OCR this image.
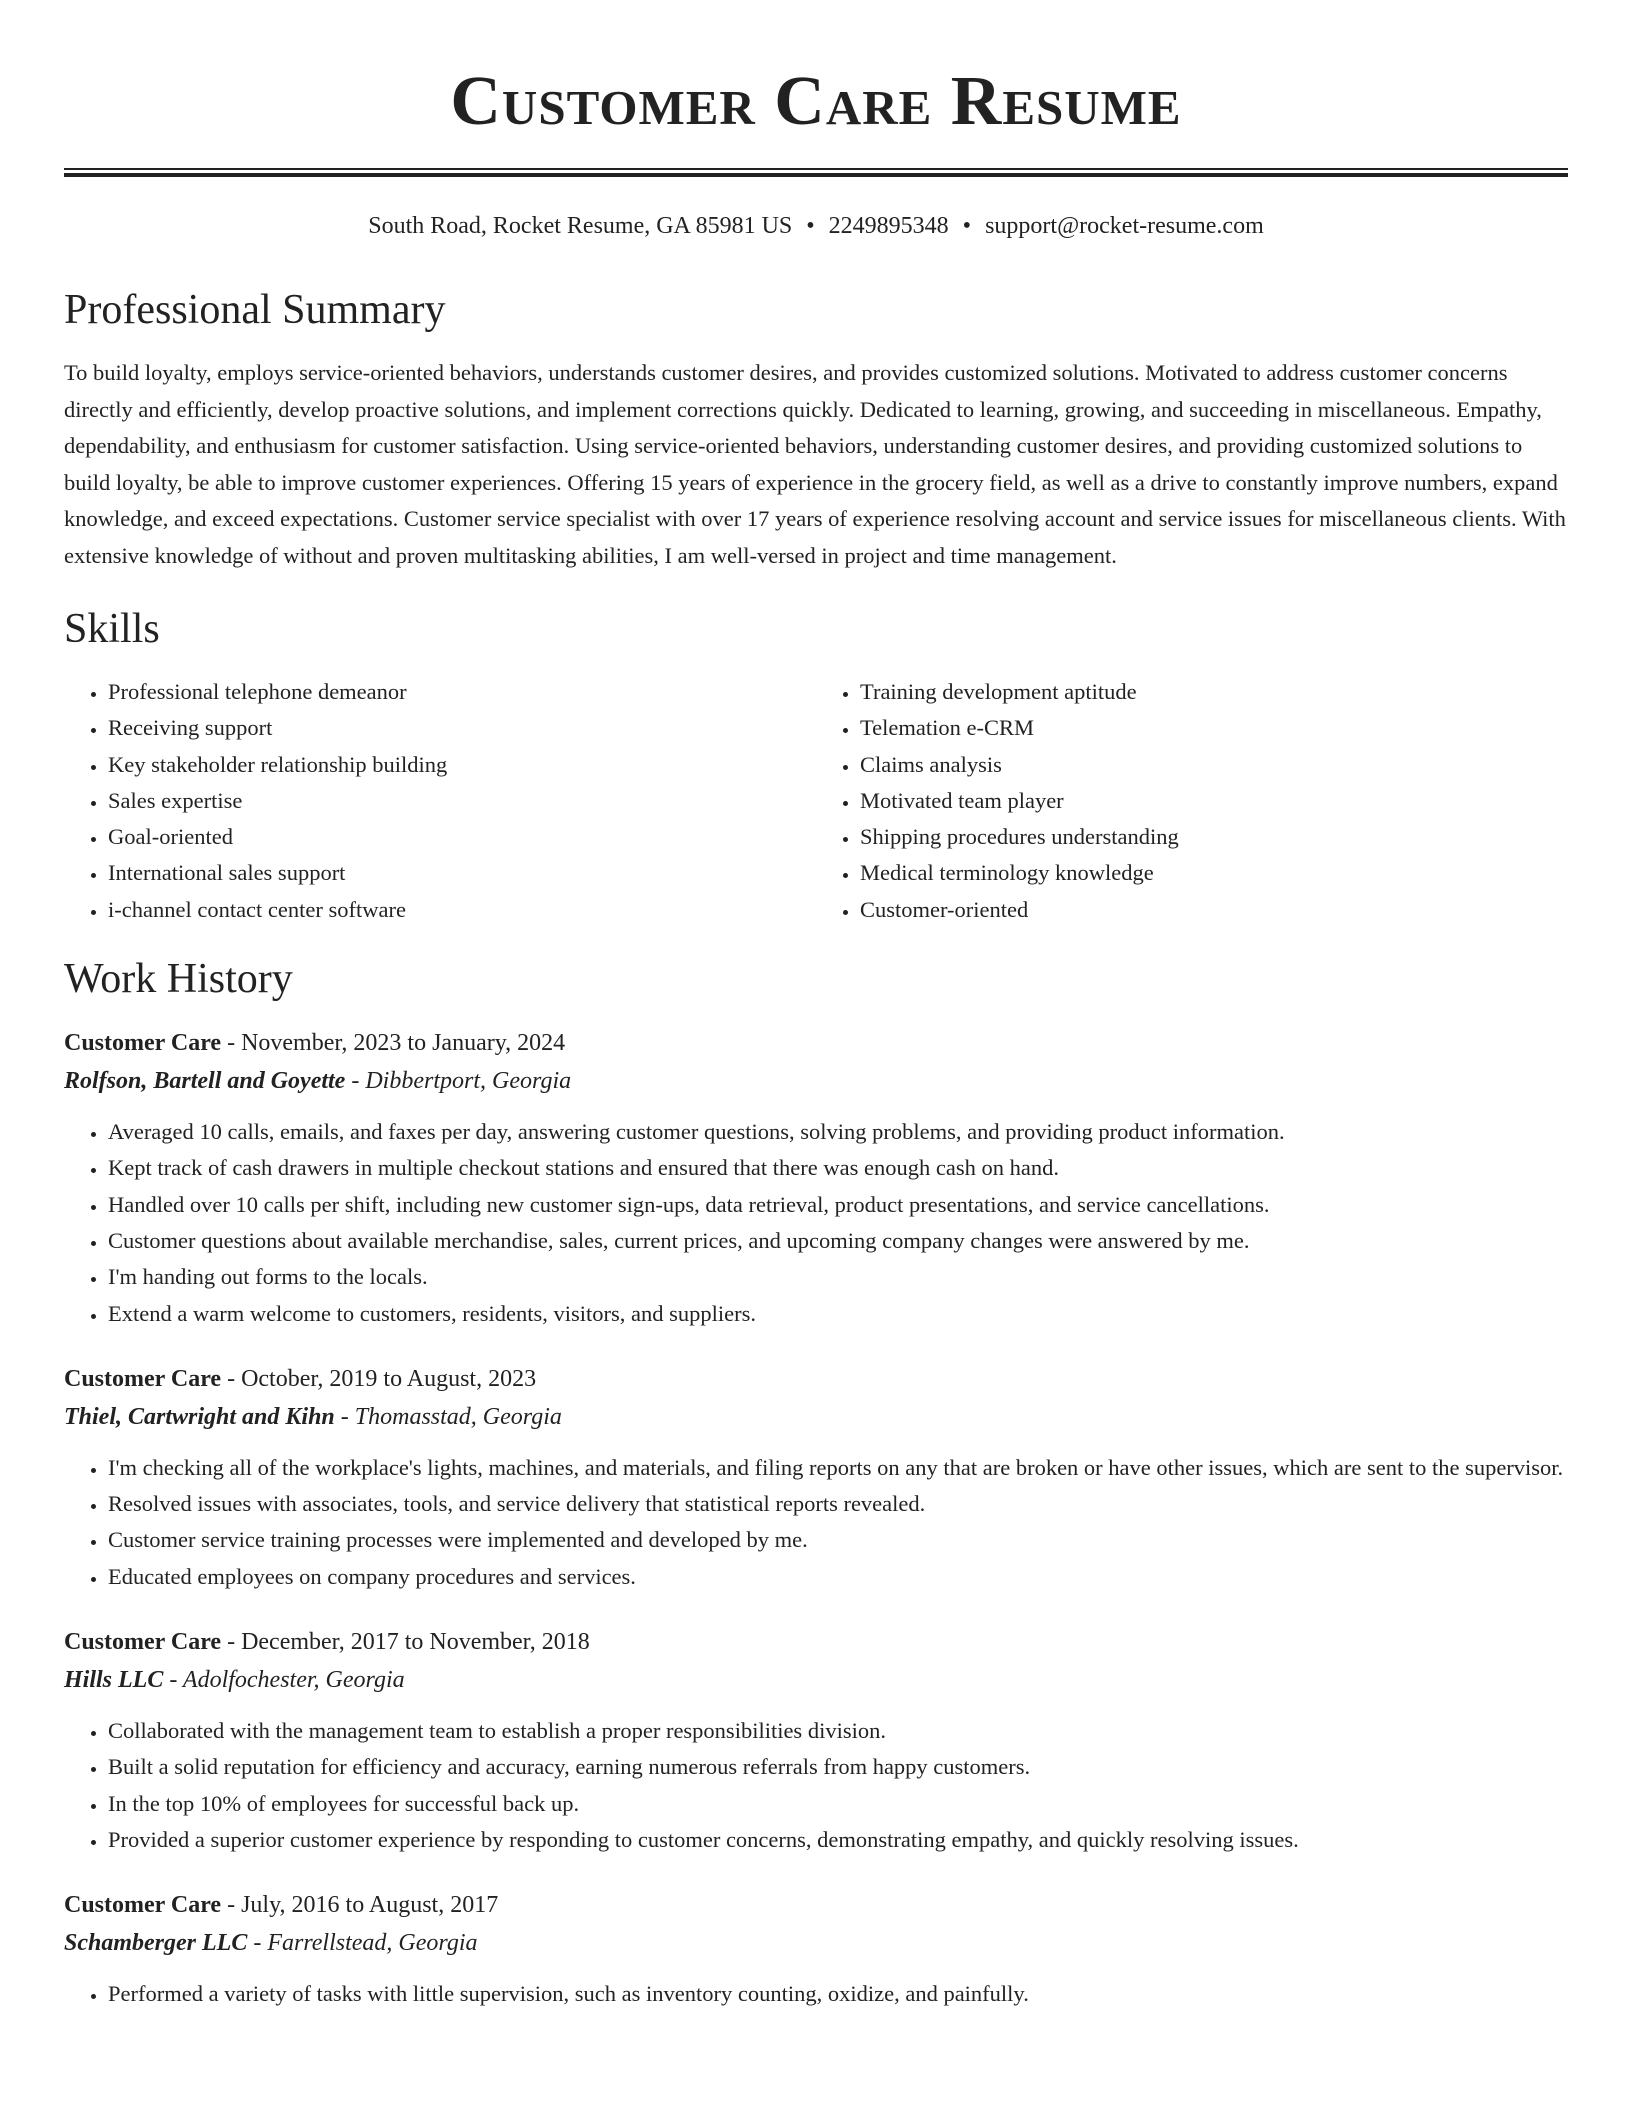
Customer Care Resume
South Road, Rocket Resume, GA 85981 US • 2249895348 • support@rocket-resume.com
Professional Summary

To build loyalty, employs service-oriented behaviors, understands customer desires, and provides customized solutions. Motivated to address customer concerns directly and efficiently, develop proactive solutions, and implement corrections quickly. Dedicated to learning, growing, and succeeding in miscellaneous. Empathy, dependability, and enthusiasm for customer satisfaction. Using service-oriented behaviors, understanding customer desires, and providing customized solutions to build loyalty, be able to improve customer experiences. Offering 15 years of experience in the grocery field, as well as a drive to constantly improve numbers, expand knowledge, and exceed expectations. Customer service specialist with over 17 years of experience resolving account and service issues for miscellaneous clients. With extensive knowledge of without and proven multitasking abilities, I am well-versed in project and time management.

Skills
• Professional telephone demeanor
• Receiving support
• Key stakeholder relationship building
• Sales expertise
• Goal-oriented
• International sales support
• i-channel contact center software
• Training development aptitude
• Telemation e-CRM
• Claims analysis
• Motivated team player
• Shipping procedures understanding
• Medical terminology knowledge
• Customer-oriented
Work History
Customer Care - November, 2023 to January, 2024
Rolfson, Bartell and Goyette - Dibbertport, Georgia
• Averaged 10 calls, emails, and faxes per day, answering customer questions, solving problems, and providing product information.
• Kept track of cash drawers in multiple checkout stations and ensured that there was enough cash on hand.
• Handled over 10 calls per shift, including new customer sign-ups, data retrieval, product presentations, and service cancellations.
• Customer questions about available merchandise, sales, current prices, and upcoming company changes were answered by me.
• I'm handing out forms to the locals.
• Extend a warm welcome to customers, residents, visitors, and suppliers.
Customer Care - October, 2019 to August, 2023
Thiel, Cartwright and Kihn - Thomasstad, Georgia
• I'm checking all of the workplace's lights, machines, and materials, and filing reports on any that are broken or have other issues, which are sent to the supervisor.
• Resolved issues with associates, tools, and service delivery that statistical reports revealed.
• Customer service training processes were implemented and developed by me.
• Educated employees on company procedures and services.
Customer Care - December, 2017 to November, 2018
Hills LLC - Adolfochester, Georgia
• Collaborated with the management team to establish a proper responsibilities division.
• Built a solid reputation for efficiency and accuracy, earning numerous referrals from happy customers.
• In the top 10% of employees for successful back up.
• Provided a superior customer experience by responding to customer concerns, demonstrating empathy, and quickly resolving issues.
Customer Care - July, 2016 to August, 2017
Schamberger LLC - Farrellstead, Georgia
• Performed a variety of tasks with little supervision, such as inventory counting, oxidize, and painfully.
